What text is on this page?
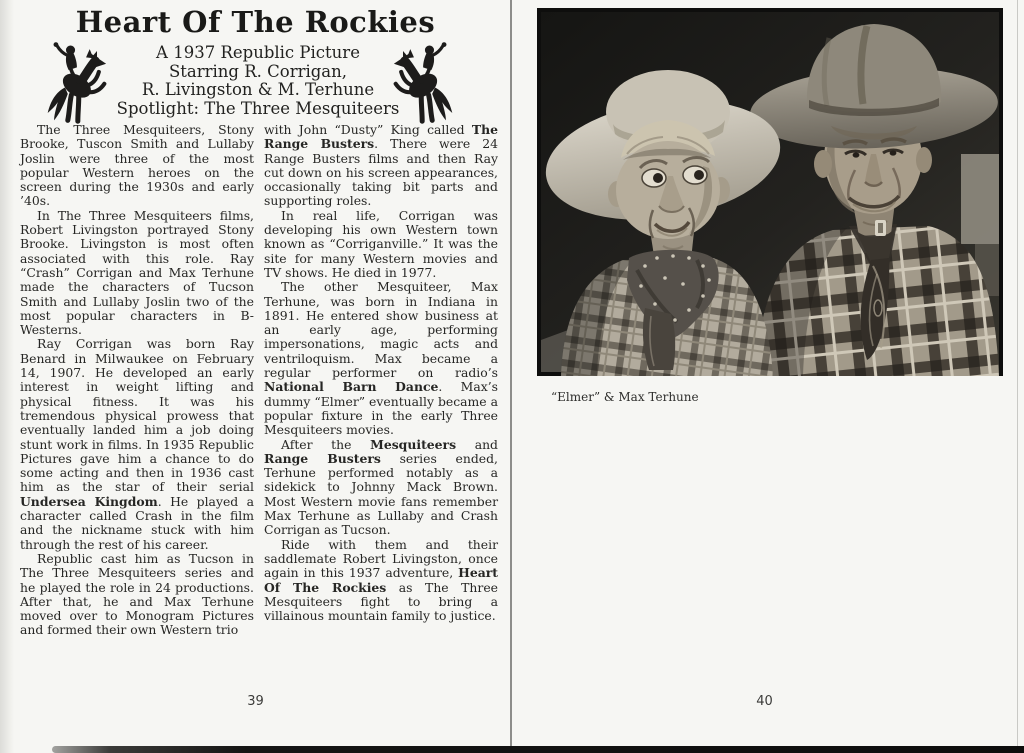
Heart Of The Rockies
A 1937 Republic Picture
Starring R. Corrigan,
R. Livingston & M. Terhune
Spotlight: The Three Mesquiteers

The Three Mesquiteers, Stony Brooke, Tuscon Smith and Lullaby Joslin were three of the most popular Western heroes on the screen during the 1930s and early ’40s.

In The Three Mesquiteers films, Robert Livingston portrayed Stony Brooke. Livingston is most often associated with this role. Ray “Crash” Corrigan and Max Terhune made the characters of Tucson Smith and Lullaby Joslin two of the most popular characters in B-Westerns.

Ray Corrigan was born Ray Benard in Milwaukee on February 14, 1907. He developed an early interest in weight lifting and physical fitness. It was his tremendous physical prowess that eventually landed him a job doing stunt work in films. In 1935 Republic Pictures gave him a chance to do some acting and then in 1936 cast him as the star of their serial Undersea Kingdom. He played a character called Crash in the film and the nickname stuck with him through the rest of his career.

Republic cast him as Tucson in The Three Mesquiteers series and he played the role in 24 productions. After that, he and Max Terhune moved over to Monogram Pictures and formed their own Western trio

with John “Dusty” King called The Range Busters. There were 24 Range Busters films and then Ray cut down on his screen appearances, occasionally taking bit parts and supporting roles.

In real life, Corrigan was developing his own Western town known as “Corriganville.” It was the site for many Western movies and TV shows. He died in 1977.

The other Mesquiteer, Max Terhune, was born in Indiana in 1891. He entered show business at an early age, performing impersonations, magic acts and ventriloquism. Max became a regular performer on radio’s National Barn Dance. Max’s dummy “Elmer” eventually became a popular fixture in the early Three Mesquiteers movies.

After the Mesquiteers and Range Busters series ended, Terhune performed notably as a sidekick to Johnny Mack Brown. Most Western movie fans remember Max Terhune as Lullaby and Crash Corrigan as Tucson.

Ride with them and their saddlemate Robert Livingston, once again in this 1937 adventure, Heart Of The Rockies as The Three Mesquiteers fight to bring a villainous mountain family to justice.

39
“Elmer” & Max Terhune
40
